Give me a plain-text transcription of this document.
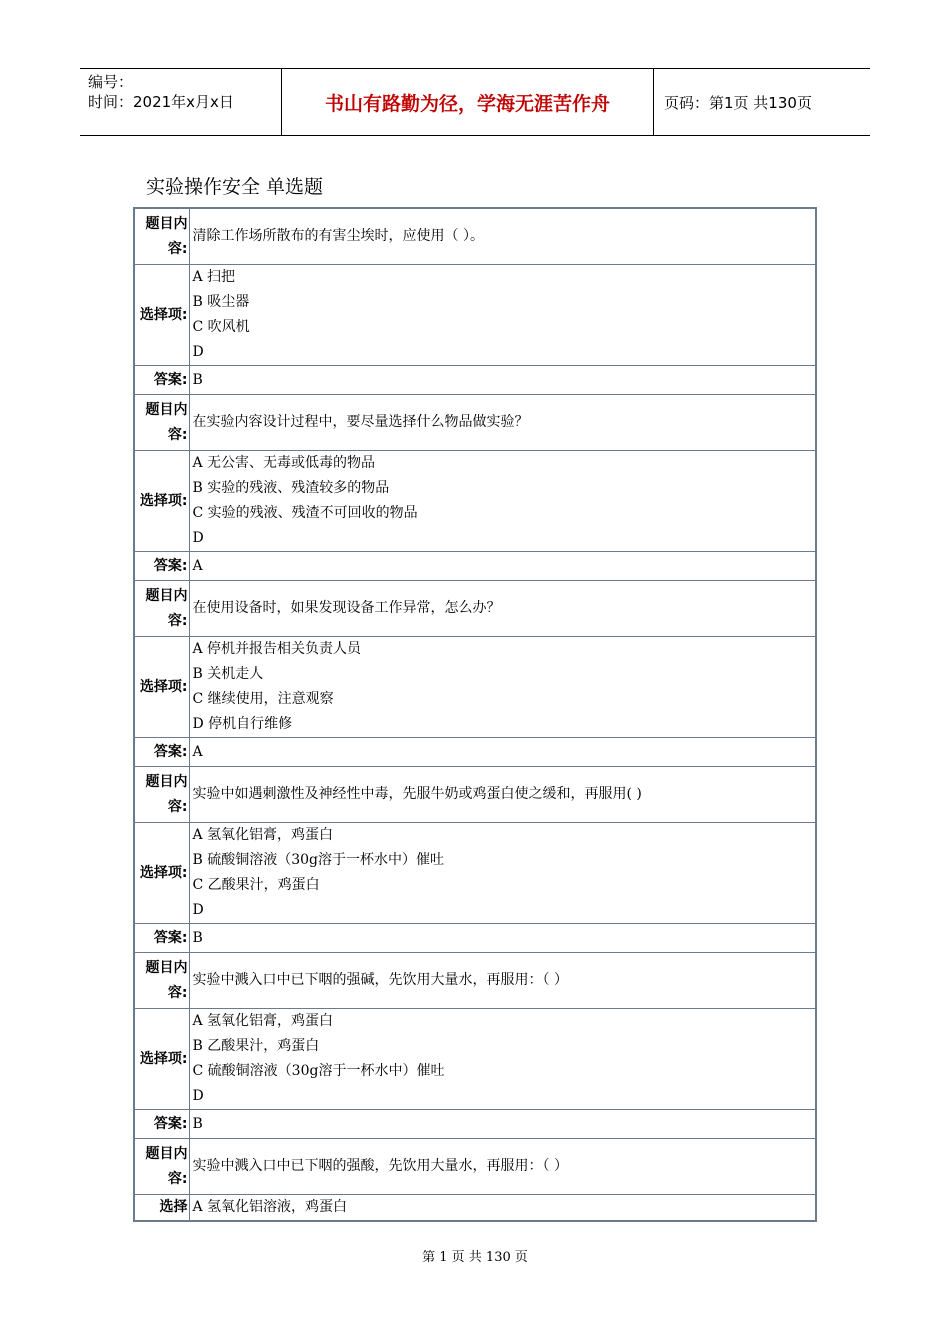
编号：
时间：2021年x月x日	书山有路勤为径，学海无涯苦作舟	页码：第1页 共130页
实验操作安全 单选题
题目内容:	清除工作场所散布的有害尘埃时，应使用（ ）。
选择项:	A 扫把
B 吸尘器
C 吹风机
D

答案:	B
题目内容:	在实验内容设计过程中，要尽量选择什么物品做实验？
选择项:	A 无公害、无毒或低毒的物品
B 实验的残液、残渣较多的物品
C 实验的残液、残渣不可回收的物品
D

答案:	A
题目内容:	在使用设备时，如果发现设备工作异常，怎么办？
选择项:	A 停机并报告相关负责人员
B 关机走人
C 继续使用，注意观察
D 停机自行维修

答案:	A
题目内容:	实验中如遇刺激性及神经性中毒，先服牛奶或鸡蛋白使之缓和，再服用( )
选择项:	A 氢氧化铝膏，鸡蛋白
B 硫酸铜溶液（30g溶于一杯水中）催吐
C 乙酸果汁，鸡蛋白
D

答案:	B
题目内容:	实验中溅入口中已下咽的强碱，先饮用大量水，再服用：（ ）
选择项:	A 氢氧化铝膏，鸡蛋白
B 乙酸果汁，鸡蛋白
C 硫酸铜溶液（30g溶于一杯水中）催吐
D

答案:	B
题目内容:	实验中溅入口中已下咽的强酸，先饮用大量水，再服用：（ ）
选择	A 氢氧化铝溶液，鸡蛋白
第 1 页 共 130 页
